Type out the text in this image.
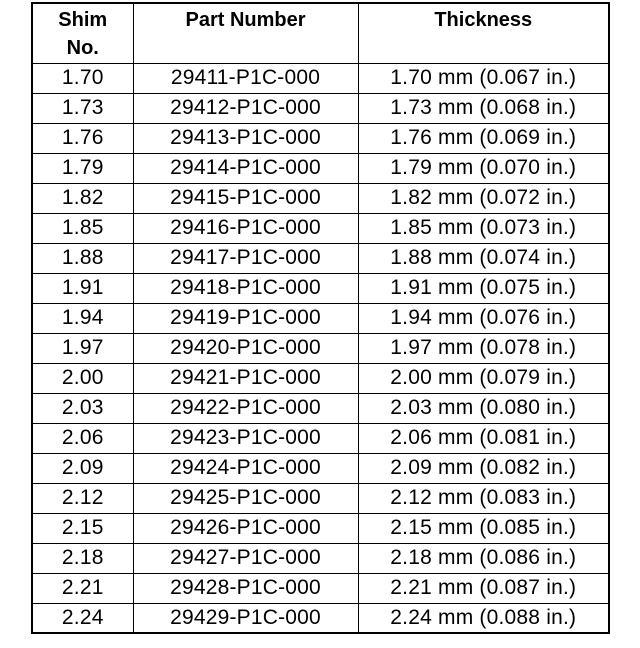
Shim
No.	Part Number	Thickness

1.70	29411-P1C-000	1.70 mm (0.067 in.)
1.73	29412-P1C-000	1.73 mm (0.068 in.)
1.76	29413-P1C-000	1.76 mm (0.069 in.)
1.79	29414-P1C-000	1.79 mm (0.070 in.)
1.82	29415-P1C-000	1.82 mm (0.072 in.)
1.85	29416-P1C-000	1.85 mm (0.073 in.)
1.88	29417-P1C-000	1.88 mm (0.074 in.)
1.91	29418-P1C-000	1.91 mm (0.075 in.)
1.94	29419-P1C-000	1.94 mm (0.076 in.)
1.97	29420-P1C-000	1.97 mm (0.078 in.)
2.00	29421-P1C-000	2.00 mm (0.079 in.)
2.03	29422-P1C-000	2.03 mm (0.080 in.)
2.06	29423-P1C-000	2.06 mm (0.081 in.)
2.09	29424-P1C-000	2.09 mm (0.082 in.)
2.12	29425-P1C-000	2.12 mm (0.083 in.)
2.15	29426-P1C-000	2.15 mm (0.085 in.)
2.18	29427-P1C-000	2.18 mm (0.086 in.)
2.21	29428-P1C-000	2.21 mm (0.087 in.)
2.24	29429-P1C-000	2.24 mm (0.088 in.)
